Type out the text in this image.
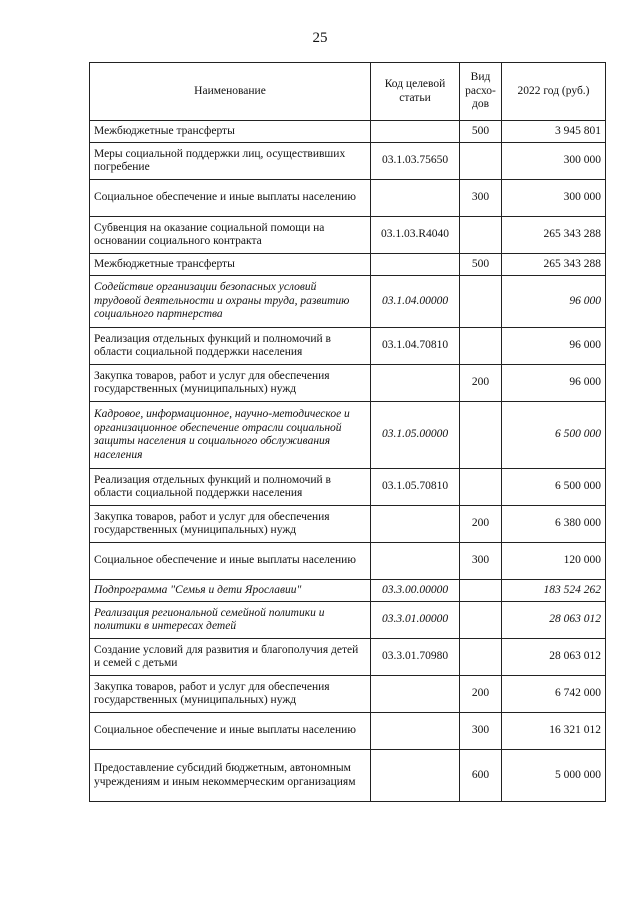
25
Наименование	Код целевой статьи	Вид расхо-дов	2022 год (руб.)
Межбюджетные трансферты		500	3 945 801
Меры социальной поддержки лиц, осуществивших погребение	03.1.03.75650		300 000
Социальное обеспечение и иные выплаты населению		300	300 000
Субвенция на оказание социальной помощи на основании социального контракта	03.1.03.R4040		265 343 288
Межбюджетные трансферты		500	265 343 288
Содействие организации безопасных условий трудовой деятельности и охраны труда, развитию социального партнерства	03.1.04.00000		96 000
Реализация отдельных функций и полномочий в области социальной поддержки населения	03.1.04.70810		96 000
Закупка товаров, работ и услуг для обеспечения государственных (муниципальных) нужд		200	96 000
Кадровое, информационное, научно-методическое и организационное обеспечение отрасли социальной защиты населения и социального обслуживания населения	03.1.05.00000		6 500 000
Реализация отдельных функций и полномочий в области социальной поддержки населения	03.1.05.70810		6 500 000
Закупка товаров, работ и услуг для обеспечения государственных (муниципальных) нужд		200	6 380 000
Социальное обеспечение и иные выплаты населению		300	120 000
Подпрограмма "Семья и дети Ярославии"	03.3.00.00000		183 524 262
Реализация региональной семейной политики и политики в интересах детей	03.3.01.00000		28 063 012
Создание условий для развития и благополучия детей и семей с детьми	03.3.01.70980		28 063 012
Закупка товаров, работ и услуг для обеспечения государственных (муниципальных) нужд		200	6 742 000
Социальное обеспечение и иные выплаты населению		300	16 321 012
Предоставление субсидий бюджетным, автономным учреждениям и иным некоммерческим организациям		600	5 000 000
